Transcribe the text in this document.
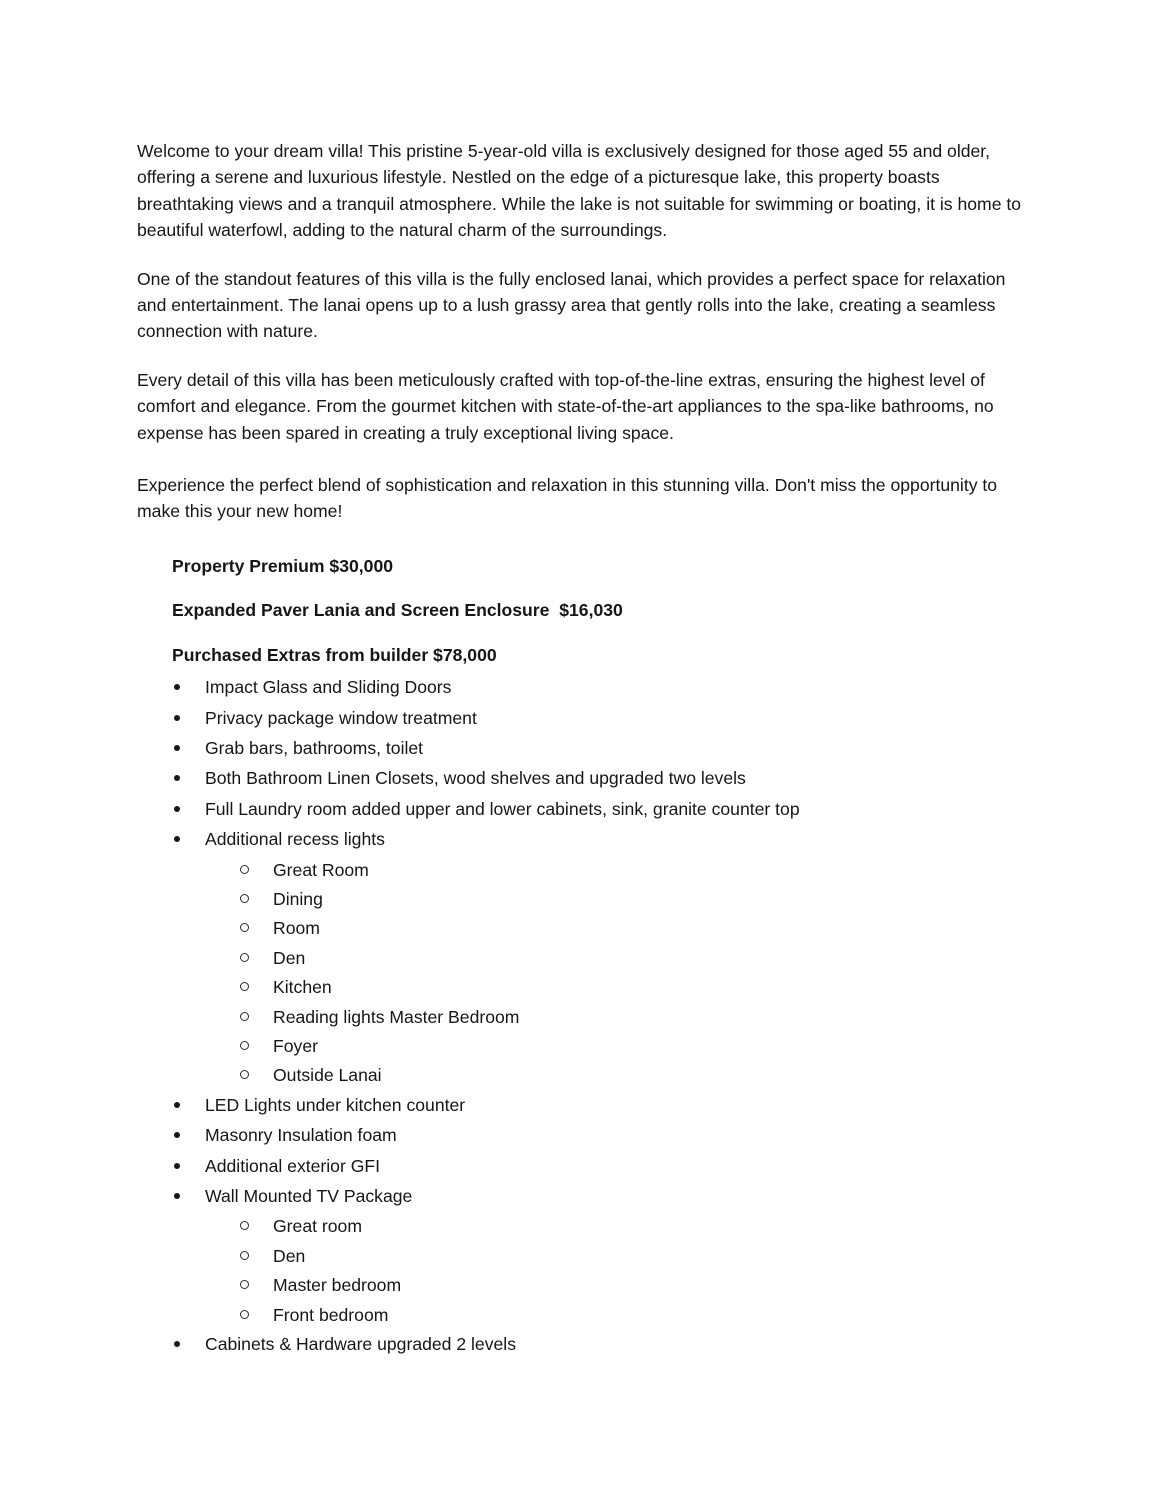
Welcome to your dream villa! This pristine 5-year-old villa is exclusively designed for those aged 55 and older, offering a serene and luxurious lifestyle. Nestled on the edge of a picturesque lake, this property boasts breathtaking views and a tranquil atmosphere. While the lake is not suitable for swimming or boating, it is home to beautiful waterfowl, adding to the natural charm of the surroundings.

One of the standout features of this villa is the fully enclosed lanai, which provides a perfect space for relaxation and entertainment. The lanai opens up to a lush grassy area that gently rolls into the lake, creating a seamless connection with nature.

Every detail of this villa has been meticulously crafted with top-of-the-line extras, ensuring the highest level of comfort and elegance. From the gourmet kitchen with state-of-the-art appliances to the spa-like bathrooms, no expense has been spared in creating a truly exceptional living space.

Experience the perfect blend of sophistication and relaxation in this stunning villa. Don't miss the opportunity to make this your new home!

Property Premium $30,000

Expanded Paver Lania and Screen Enclosure  $16,030

Purchased Extras from builder $78,000

Impact Glass and Sliding Doors
Privacy package window treatment
Grab bars, bathrooms, toilet
Both Bathroom Linen Closets, wood shelves and upgraded two levels
Full Laundry room added upper and lower cabinets, sink, granite counter top
Additional recess lights
Great Room
Dining
Room
Den
Kitchen
Reading lights Master Bedroom
Foyer
Outside Lanai
LED Lights under kitchen counter
Masonry Insulation foam
Additional exterior GFI
Wall Mounted TV Package
Great room
Den
Master bedroom
Front bedroom
Cabinets & Hardware upgraded 2 levels
